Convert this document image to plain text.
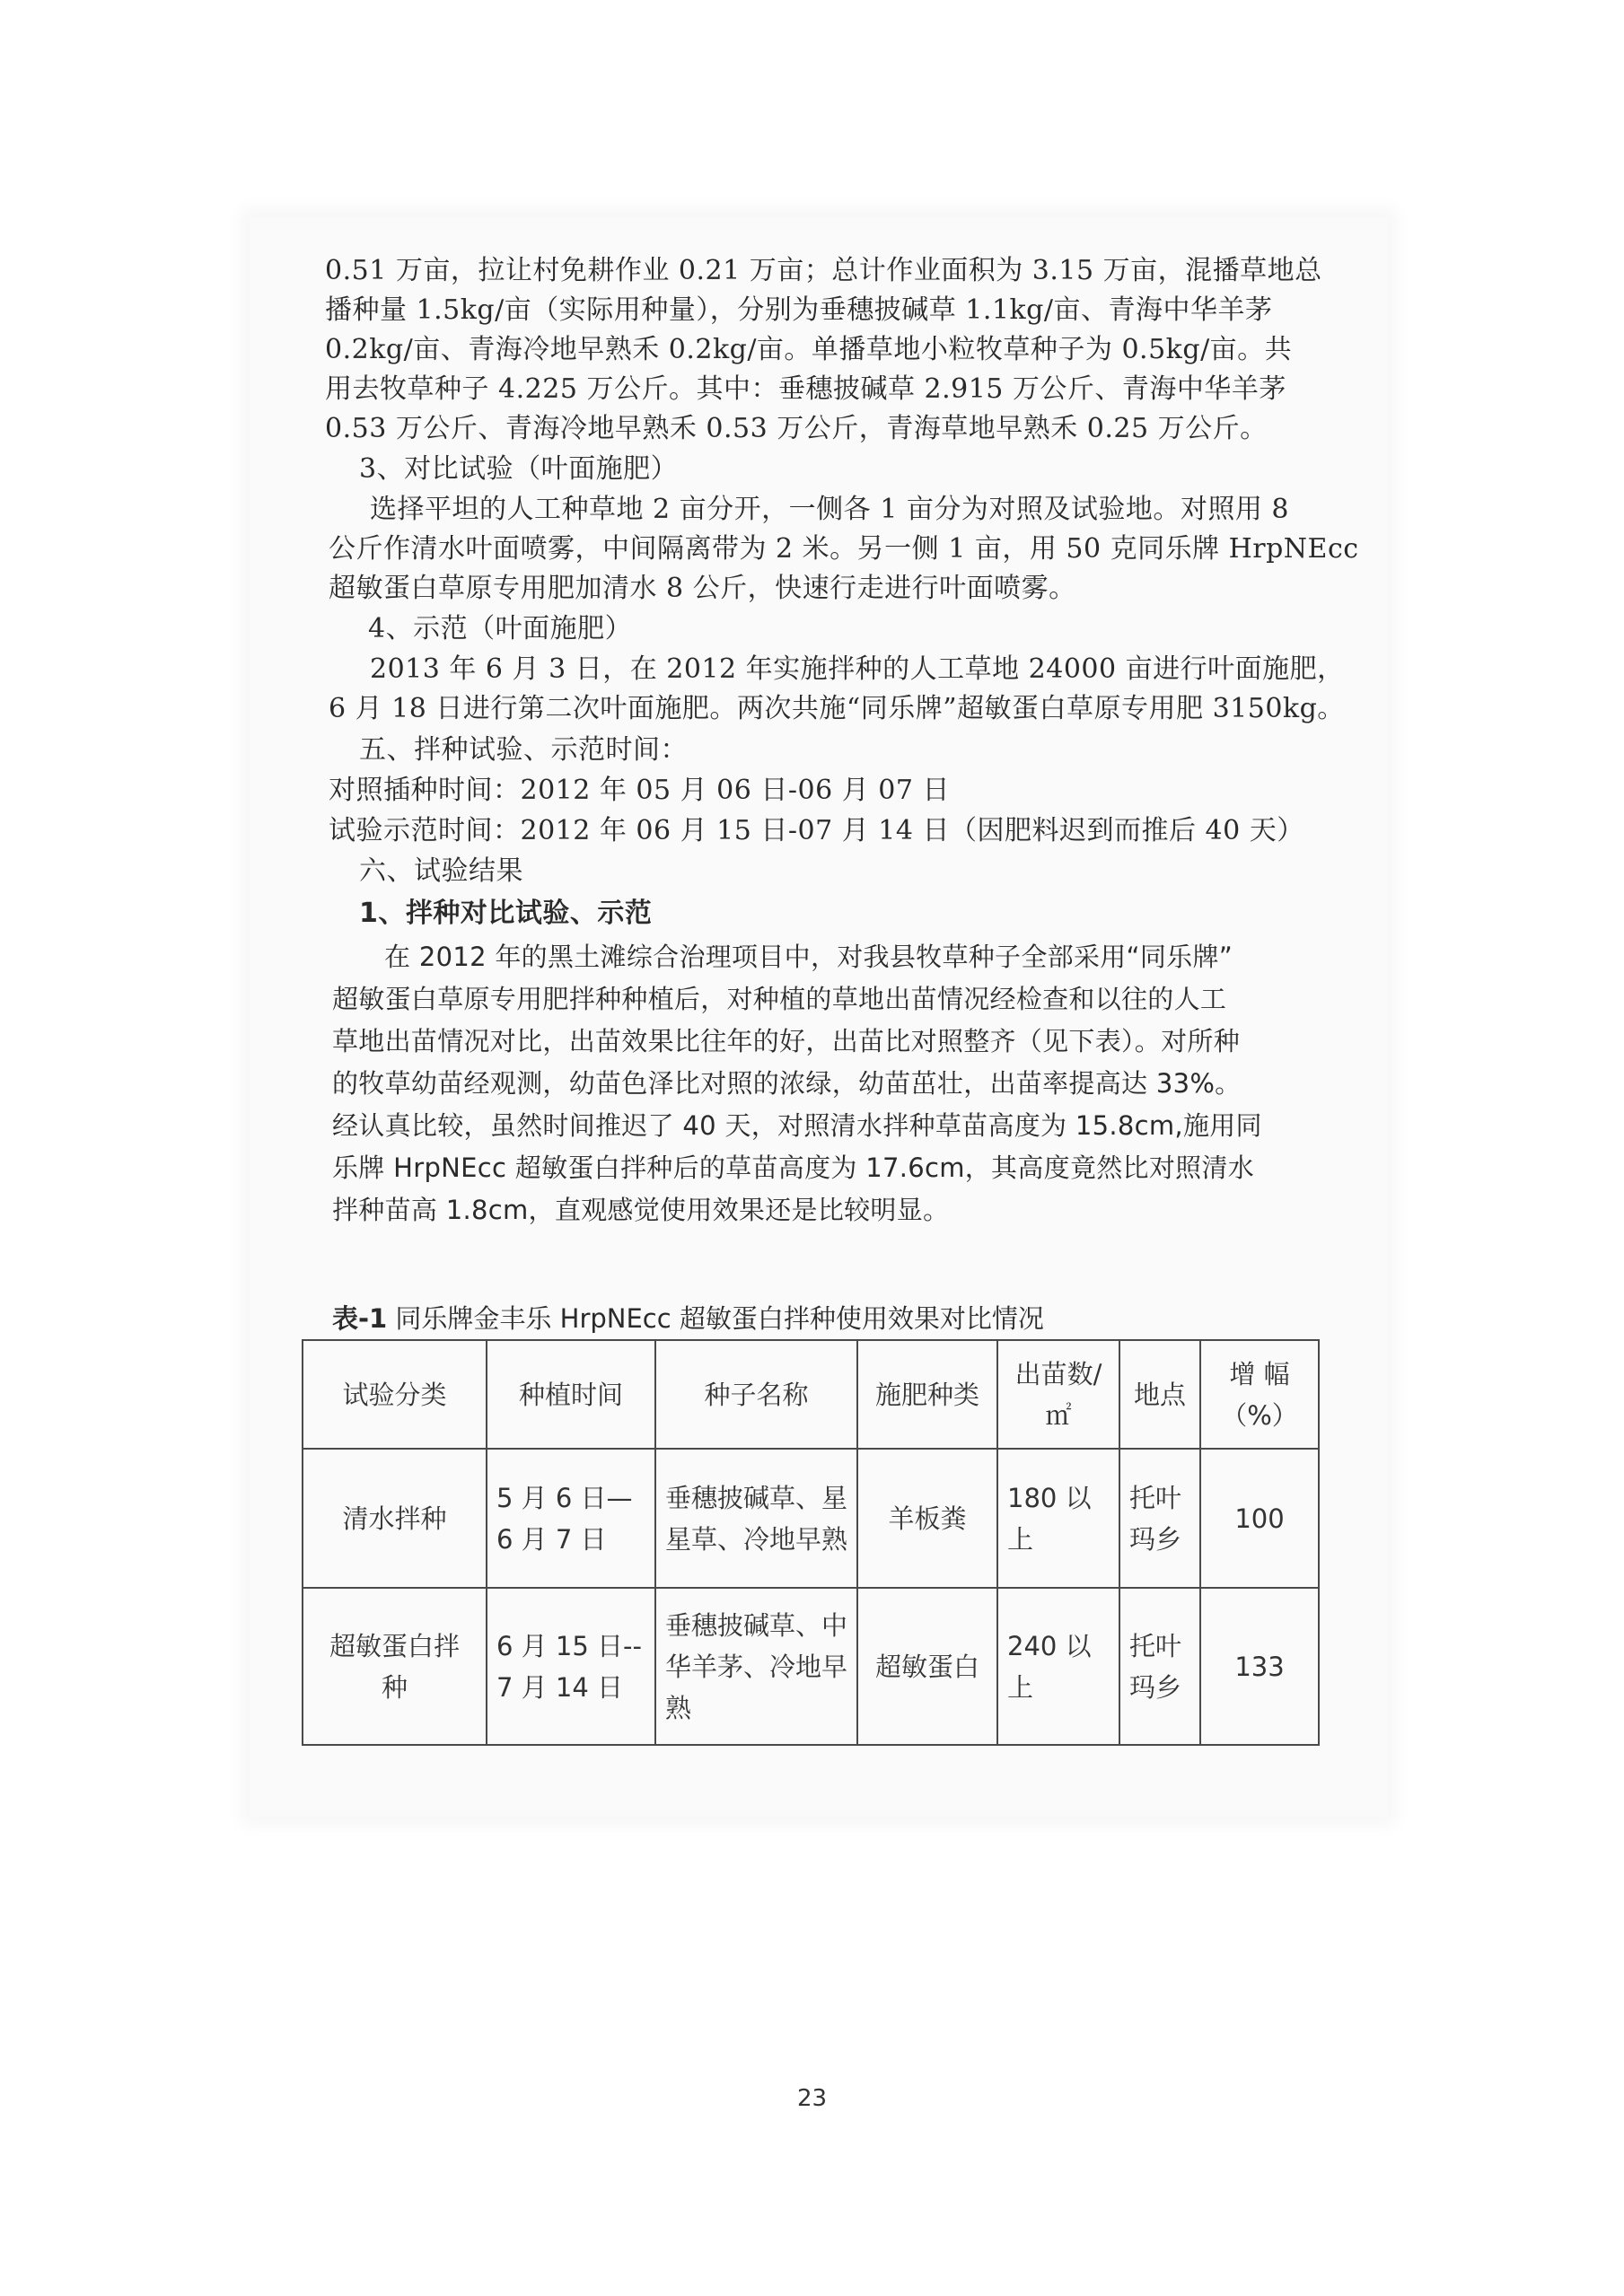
0.51 万亩，拉让村免耕作业 0.21 万亩；总计作业面积为 3.15 万亩，混播草地总
播种量 1.5kg/亩（实际用种量），分别为垂穗披碱草 1.1kg/亩、青海中华羊茅
0.2kg/亩、青海冷地早熟禾 0.2kg/亩。单播草地小粒牧草种子为 0.5kg/亩。共
用去牧草种子 4.225 万公斤。其中：垂穗披碱草 2.915 万公斤、青海中华羊茅
0.53 万公斤、青海冷地早熟禾 0.53 万公斤，青海草地早熟禾 0.25 万公斤。
3、对比试验（叶面施肥）
选择平坦的人工种草地 2 亩分开，一侧各 1 亩分为对照及试验地。对照用 8
公斤作清水叶面喷雾，中间隔离带为 2 米。另一侧 1 亩，用 50 克同乐牌 HrpNEcc
超敏蛋白草原专用肥加清水 8 公斤，快速行走进行叶面喷雾。
4、示范（叶面施肥）
2013 年 6 月 3 日，在 2012 年实施拌种的人工草地 24000 亩进行叶面施肥，
6 月 18 日进行第二次叶面施肥。两次共施“同乐牌”超敏蛋白草原专用肥 3150kg。
五、拌种试验、示范时间：
对照插种时间：2012 年 05 月 06 日-06 月 07 日
试验示范时间：2012 年 06 月 15 日-07 月 14 日（因肥料迟到而推后 40 天）
六、试验结果
1、拌种对比试验、示范
在 2012 年的黑土滩综合治理项目中，对我县牧草种子全部采用“同乐牌”
超敏蛋白草原专用肥拌种种植后，对种植的草地出苗情况经检查和以往的人工
草地出苗情况对比，出苗效果比往年的好，出苗比对照整齐（见下表）。对所种
的牧草幼苗经观测，幼苗色泽比对照的浓绿，幼苗茁壮，出苗率提高达 33%。
经认真比较，虽然时间推迟了 40 天，对照清水拌种草苗高度为 15.8cm,施用同
乐牌 HrpNEcc 超敏蛋白拌种后的草苗高度为 17.6cm，其高度竟然比对照清水
拌种苗高 1.8cm，直观感觉使用效果还是比较明显。
表-1 同乐牌金丰乐 HrpNEcc 超敏蛋白拌种使用效果对比情况
试验分类	种植时间	种子名称	施肥种类	出苗数/㎡	地点	增 幅（%）
清水拌种	5 月 6 日—6 月 7 日	垂穗披碱草、星星草、冷地早熟	羊板粪	180 以上	托叶玛乡	100
超敏蛋白拌 种	6 月 15 日--7 月 14 日	垂穗披碱草、中华羊茅、冷地早熟	超敏蛋白	240 以上	托叶玛乡	133
23
